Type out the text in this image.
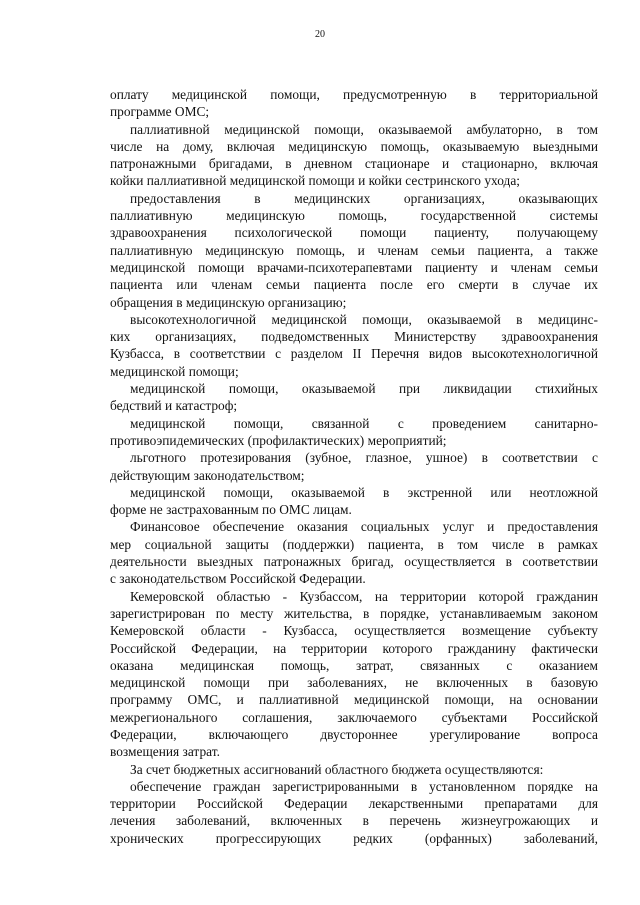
20
оплату медицинской помощи, предусмотренную в территориальной
программе ОМС;
паллиативной медицинской помощи, оказываемой амбулаторно, в том
числе на дому, включая медицинскую помощь, оказываемую выездными
патронажными бригадами, в дневном стационаре и стационарно, включая
койки паллиативной медицинской помощи и койки сестринского ухода;
предоставления в медицинских организациях, оказывающих
паллиативную медицинскую помощь, государственной системы
здравоохранения психологической помощи пациенту, получающему
паллиативную медицинскую помощь, и членам семьи пациента, а также
медицинской помощи врачами-психотерапевтами пациенту и членам семьи
пациента или членам семьи пациента после его смерти в случае их
обращения в медицинскую организацию;
высокотехнологичной медицинской помощи, оказываемой в медицинс-
ких организациях, подведомственных Министерству здравоохранения
Кузбасса, в соответствии с разделом II Перечня видов высокотехнологичной
медицинской помощи;
медицинской помощи, оказываемой при ликвидации стихийных
бедствий и катастроф;
медицинской помощи, связанной с проведением санитарно-
противоэпидемических (профилактических) мероприятий;
льготного протезирования (зубное, глазное, ушное) в соответствии с
действующим законодательством;
медицинской помощи, оказываемой в экстренной или неотложной
форме не застрахованным по ОМС лицам.
Финансовое обеспечение оказания социальных услуг и предоставления
мер социальной защиты (поддержки) пациента, в том числе в рамках
деятельности выездных патронажных бригад, осуществляется в соответствии
с законодательством Российской Федерации.
Кемеровской областью - Кузбассом, на территории которой гражданин
зарегистрирован по месту жительства, в порядке, устанавливаемым законом
Кемеровской области - Кузбасса, осуществляется возмещение субъекту
Российской Федерации, на территории которого гражданину фактически
оказана медицинская помощь, затрат, связанных с оказанием
медицинской помощи при заболеваниях, не включенных в базовую
программу ОМС, и паллиативной медицинской помощи, на основании
межрегионального соглашения, заключаемого субъектами Российской
Федерации, включающего двустороннее урегулирование вопроса
возмещения затрат.
За счет бюджетных ассигнований областного бюджета осуществляются:
обеспечение граждан зарегистрированными в установленном порядке на
территории Российской Федерации лекарственными препаратами для
лечения заболеваний, включенных в перечень жизнеугрожающих и
хронических прогрессирующих редких (орфанных) заболеваний,
